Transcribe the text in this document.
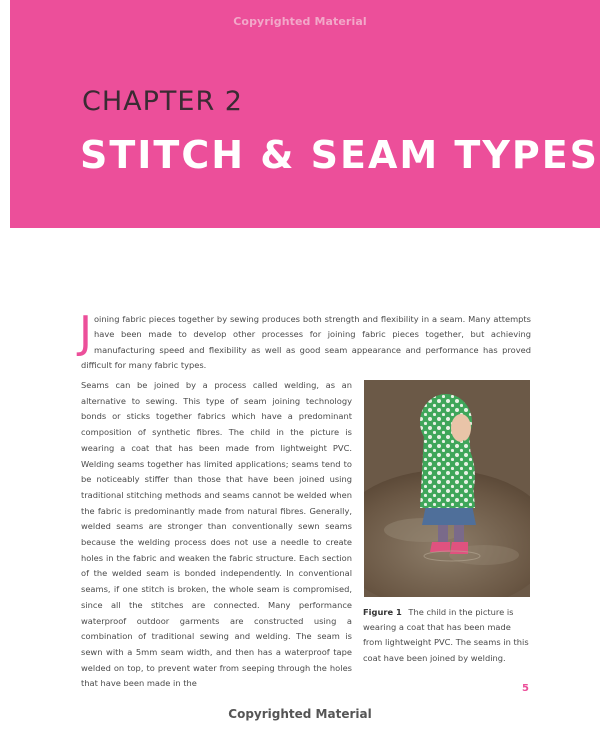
Copyrighted Material
CHAPTER 2
STITCH & SEAM TYPES
J oining fabric pieces together by sewing produces both strength and flexibility in a seam. Many attempts have been made to develop other processes for joining fabric pieces together, but achieving manufacturing speed and flexibility as well as good seam appearance and performance has proved difficult for many fabric types.
Seams can be joined by a process called welding, as an alternative to sewing. This type of seam joining technology bonds or sticks together fabrics which have a predominant composition of synthetic fibres. The child in the picture is wearing a coat that has been made from lightweight PVC. Welding seams together has limited applications; seams tend to be noticeably stiffer than those that have been joined using traditional stitching methods and seams cannot be welded when the fabric is predominantly made from natural fibres. Generally, welded seams are stronger than conventionally sewn seams because the welding process does not use a needle to create holes in the fabric and weaken the fabric structure. Each section of the welded seam is bonded independently. In conventional seams, if one stitch is broken, the whole seam is compromised, since all the stitches are connected. Many performance waterproof outdoor garments are constructed using a combination of traditional sewing and welding. The seam is sewn with a 5mm seam width, and then has a waterproof tape welded on top, to prevent water from seeping through the holes that have been made in the
Figure 1 The child in the picture is wearing a coat that has been made from lightweight PVC. The seams in this coat have been joined by welding.
5
Copyrighted Material
